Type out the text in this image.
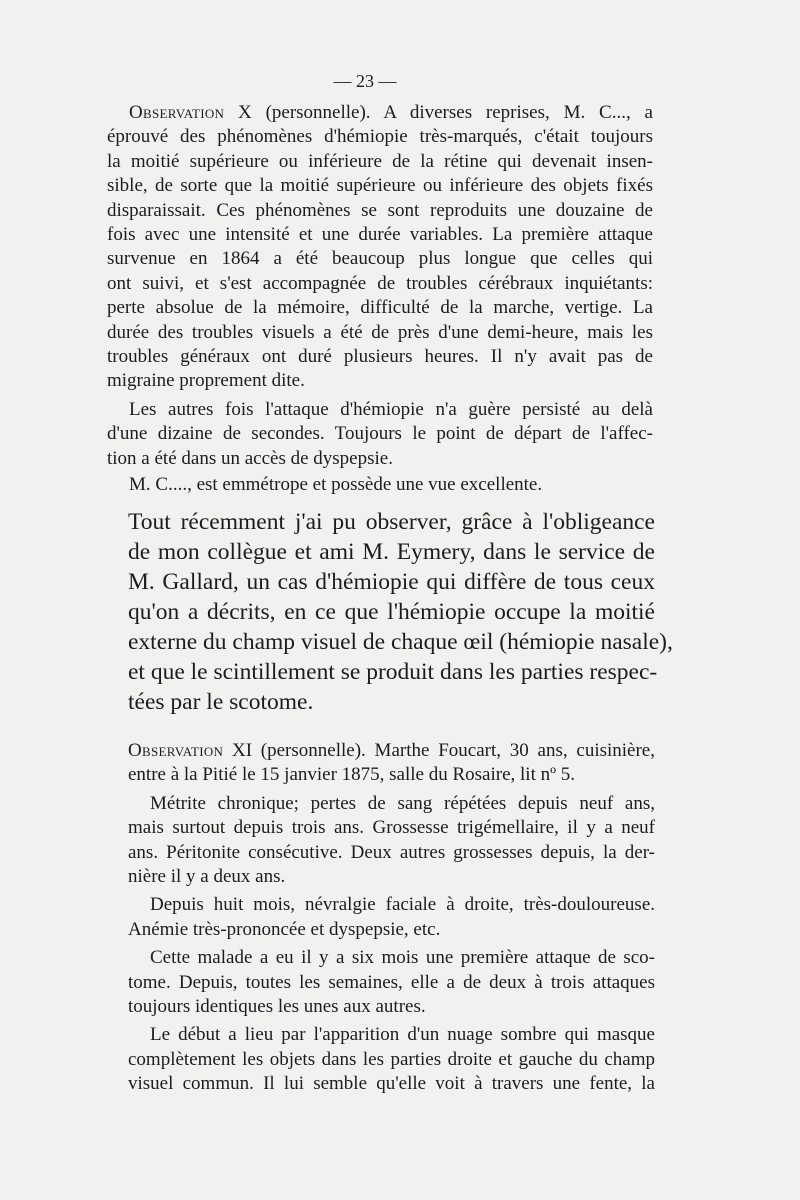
— 23 —
Observation X (personnelle). A diverses reprises, M. C..., a
éprouvé des phénomènes d'hémiopie très-marqués, c'était toujours
la moitié supérieure ou inférieure de la rétine qui devenait insen-
sible, de sorte que la moitié supérieure ou inférieure des objets fixés
disparaissait. Ces phénomènes se sont reproduits une douzaine de
fois avec une intensité et une durée variables. La première attaque
survenue en 1864 a été beaucoup plus longue que celles qui
ont suivi, et s'est accompagnée de troubles cérébraux inquiétants:
perte absolue de la mémoire, difficulté de la marche, vertige. La
durée des troubles visuels a été de près d'une demi-heure, mais les
troubles généraux ont duré plusieurs heures. Il n'y avait pas de
migraine proprement dite.
Les autres fois l'attaque d'hémiopie n'a guère persisté au delà
d'une dizaine de secondes. Toujours le point de départ de l'affec-
tion a été dans un accès de dyspepsie.
M. C...., est emmétrope et possède une vue excellente.
Tout récemment j'ai pu observer, grâce à l'obligeance
de mon collègue et ami M. Eymery, dans le service de
M. Gallard, un cas d'hémiopie qui diffère de tous ceux
qu'on a décrits, en ce que l'hémiopie occupe la moitié
externe du champ visuel de chaque œil (hémiopie nasale),
et que le scintillement se produit dans les parties respec-
tées par le scotome.
Observation XI (personnelle). Marthe Foucart, 30 ans, cuisinière,
entre à la Pitié le 15 janvier 1875, salle du Rosaire, lit nº 5.
Métrite chronique; pertes de sang répétées depuis neuf ans,
mais surtout depuis trois ans. Grossesse trigémellaire, il y a neuf
ans. Péritonite consécutive. Deux autres grossesses depuis, la der-
nière il y a deux ans.
Depuis huit mois, névralgie faciale à droite, très-douloureuse.
Anémie très-prononcée et dyspepsie, etc.
Cette malade a eu il y a six mois une première attaque de sco-
tome. Depuis, toutes les semaines, elle a de deux à trois attaques
toujours identiques les unes aux autres.
Le début a lieu par l'apparition d'un nuage sombre qui masque
complètement les objets dans les parties droite et gauche du champ
visuel commun. Il lui semble qu'elle voit à travers une fente, la
